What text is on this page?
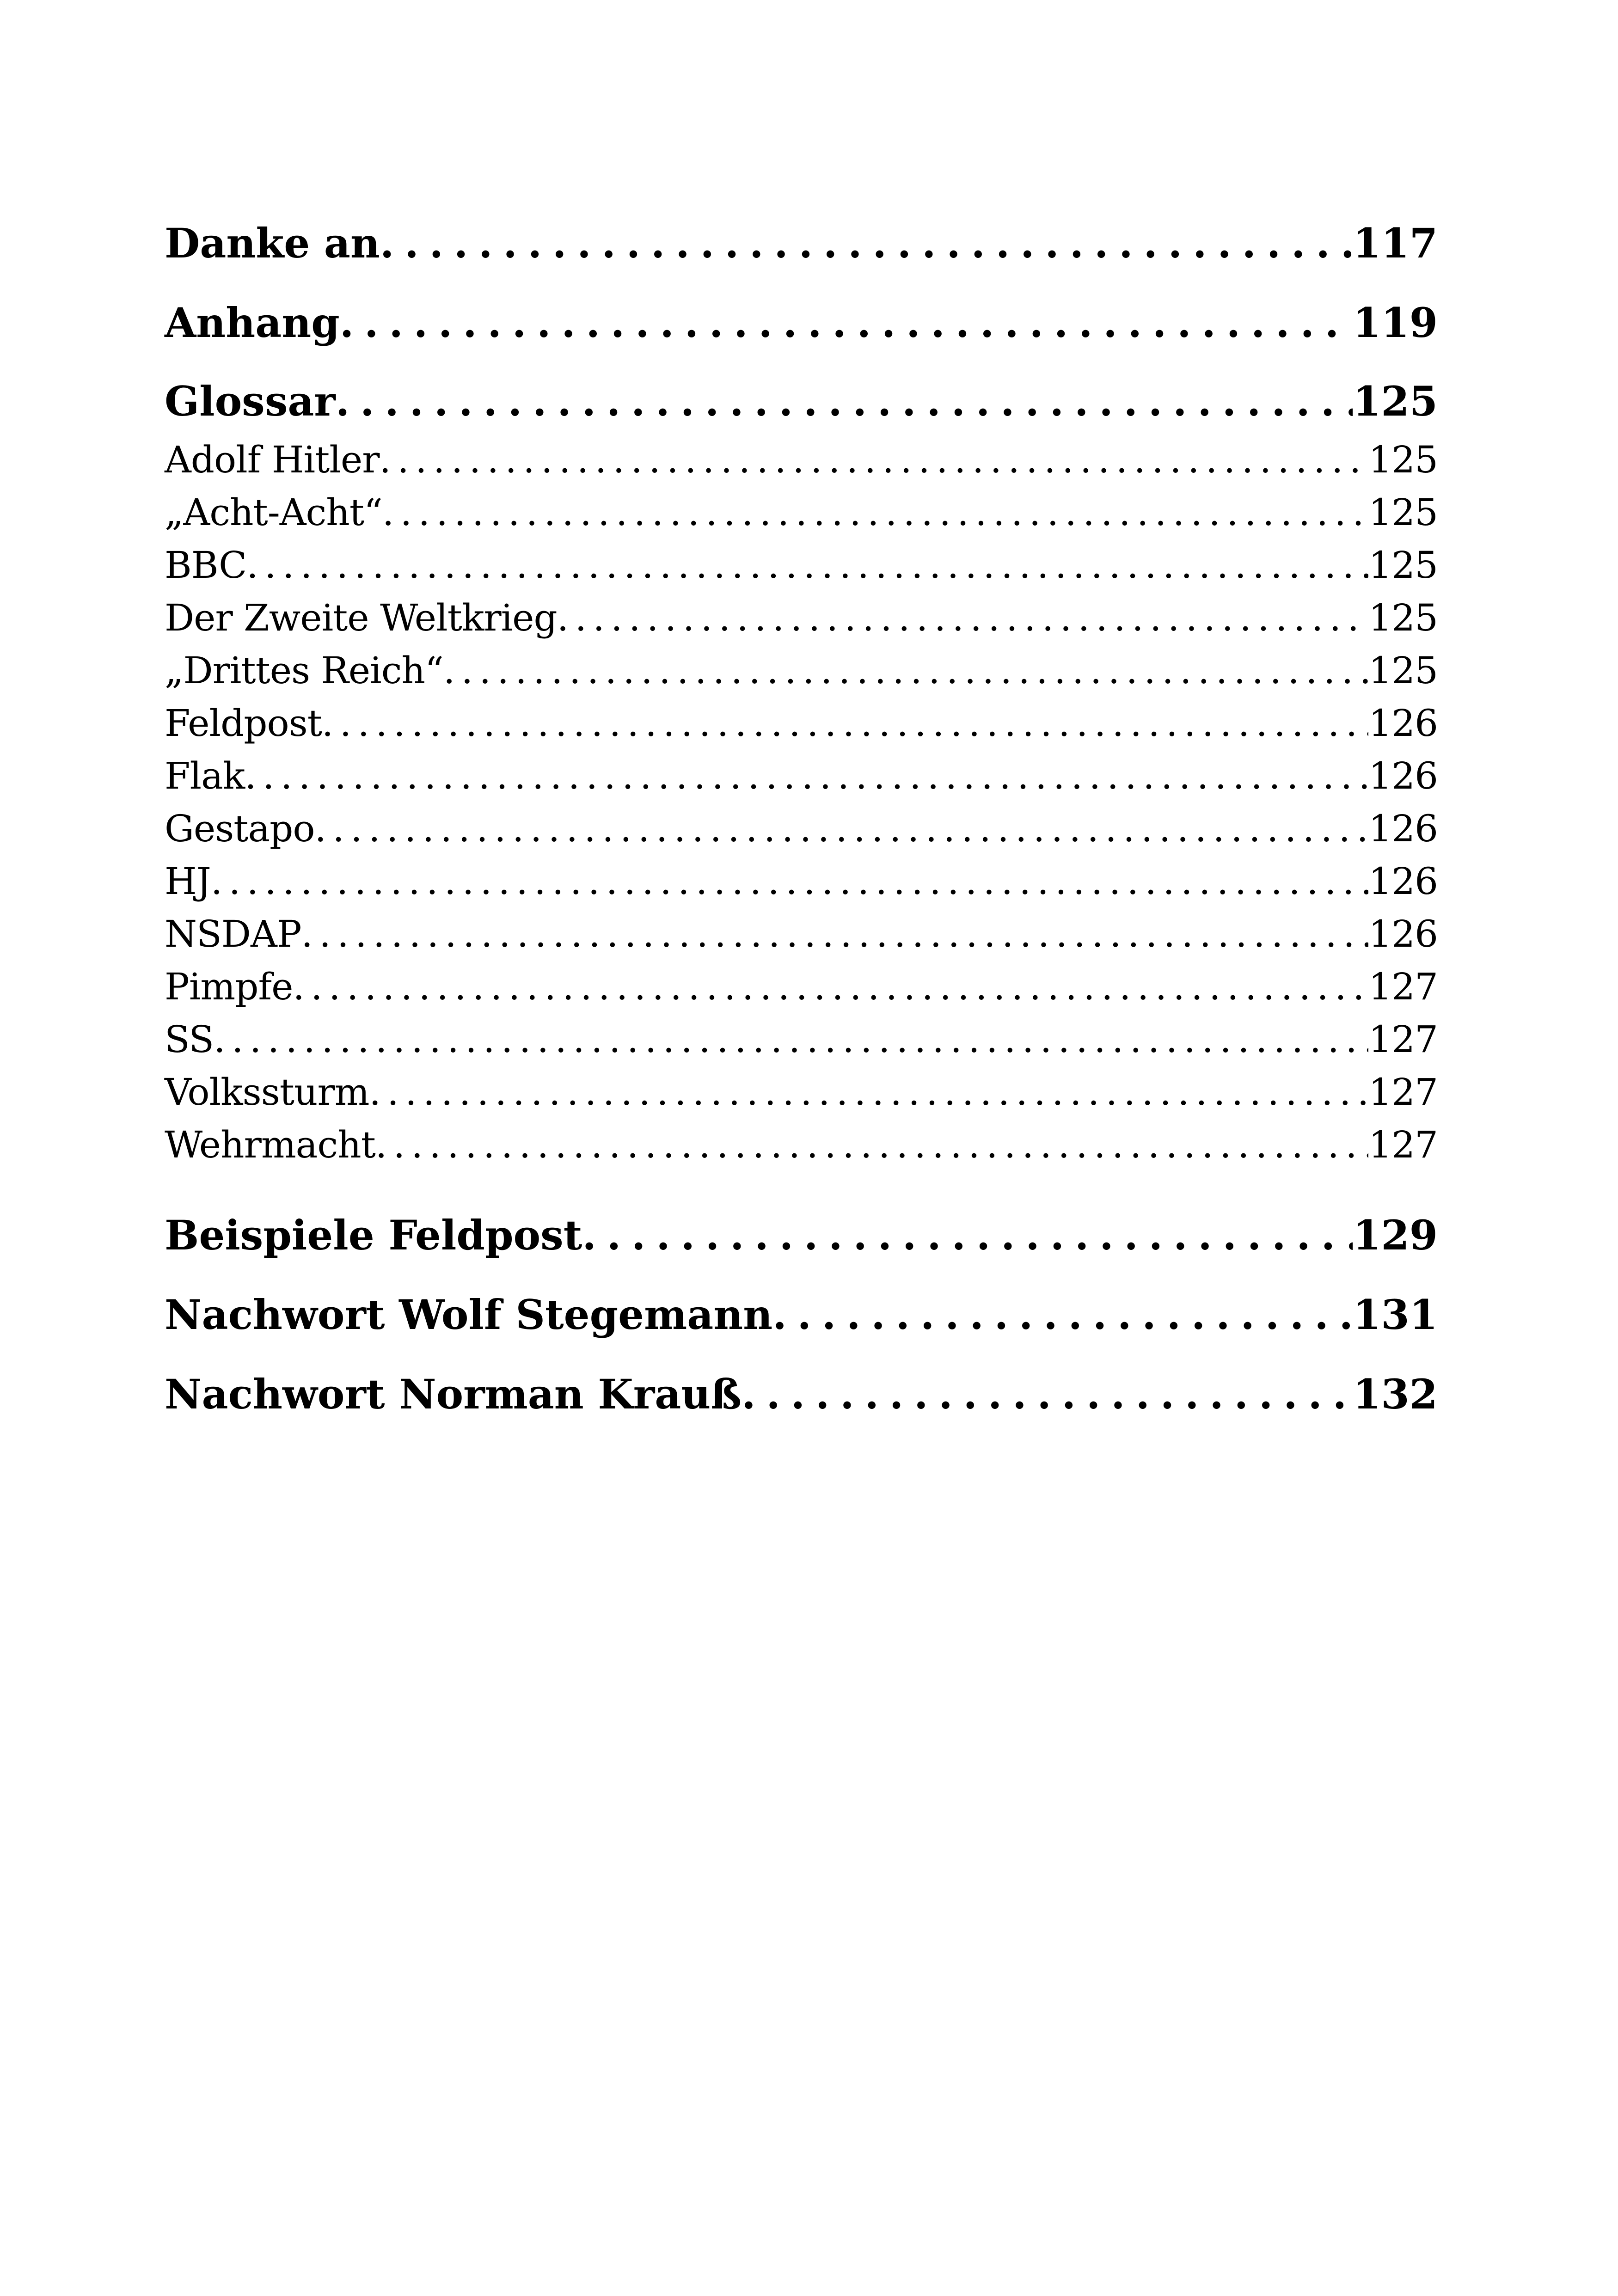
Danke an . . .	117
Anhang . . .	119
Glossar . . .	125
Adolf Hitler . . .	125
„Acht-Acht“ . . .	125
BBC . . .	125
Der Zweite Weltkrieg . . .	125
„Drittes Reich“ . . .	125
Feldpost . . .	126
Flak . . .	126
Gestapo . . .	126
HJ . . .	126
NSDAP . . .	126
Pimpfe . . .	127
SS . . .	127
Volkssturm . . .	127
Wehrmacht . . .	127
Beispiele Feldpost . . .	129
Nachwort Wolf Stegemann . . .	131
Nachwort Norman Krauß . . .	132
